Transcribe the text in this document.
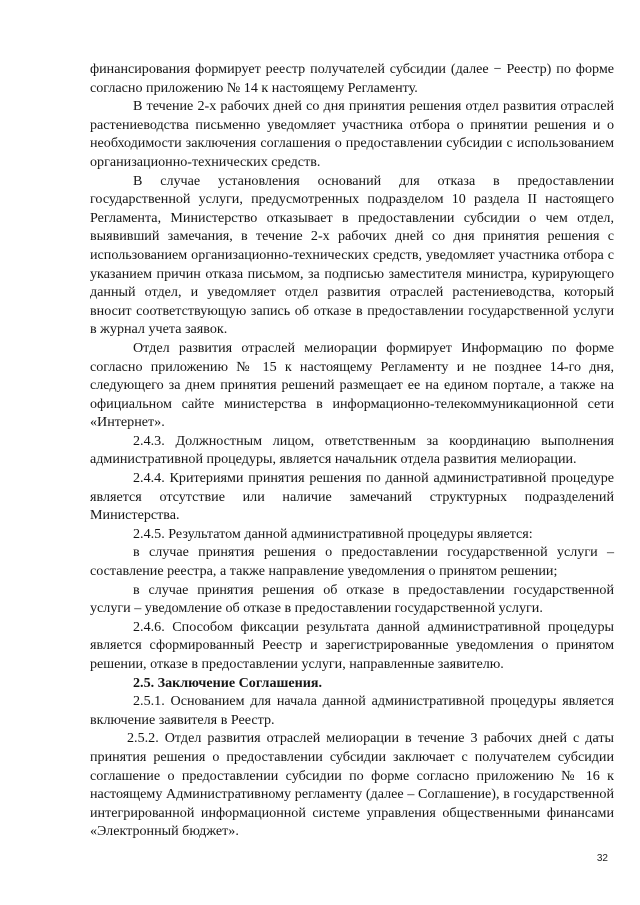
финансирования формирует реестр получателей субсидии (далее − Реестр) по форме согласно приложению № 14 к настоящему Регламенту.

В течение 2-х рабочих дней со дня принятия решения отдел развития отраслей растениеводства письменно уведомляет участника отбора о принятии решения и о необходимости заключения соглашения о предоставлении субсидии с использованием организационно-технических средств.

В случае установления оснований для отказа в предоставлении государственной услуги, предусмотренных подразделом 10 раздела II настоящего Регламента, Министерство отказывает в предоставлении субсидии о чем отдел, выявивший замечания, в течение 2-х рабочих дней со дня принятия решения с использованием организационно-технических средств, уведомляет участника отбора с указанием причин отказа письмом, за подписью заместителя министра, курирующего данный отдел, и уведомляет отдел развития отраслей растениеводства, который вносит соответствующую запись об отказе в предоставлении государственной услуги в журнал учета заявок.

Отдел развития отраслей мелиорации формирует Информацию по форме согласно приложению № 15 к настоящему Регламенту и не позднее 14-го дня, следующего за днем принятия решений размещает ее на едином портале, а также на официальном сайте министерства в информационно-телекоммуникационной сети «Интернет».

2.4.3. Должностным лицом, ответственным за координацию выполнения административной процедуры, является начальник отдела развития мелиорации.

2.4.4. Критериями принятия решения по данной административной процедуре является отсутствие или наличие замечаний структурных подразделений Министерства.

2.4.5. Результатом данной административной процедуры является:

в случае принятия решения о предоставлении государственной услуги – составление реестра, а также направление уведомления о принятом решении;

в случае принятия решения об отказе в предоставлении государственной услуги – уведомление об отказе в предоставлении государственной услуги.

2.4.6. Способом фиксации результата данной административной процедуры является сформированный Реестр и зарегистрированные уведомления о принятом решении, отказе в предоставлении услуги, направленные заявителю.

2.5. Заключение Соглашения.

2.5.1. Основанием для начала данной административной процедуры является включение заявителя в Реестр.

2.5.2. Отдел развития отраслей мелиорации в течение 3 рабочих дней с даты принятия решения о предоставлении субсидии заключает с получателем субсидии соглашение о предоставлении субсидии по форме согласно приложению № 16 к настоящему Административному регламенту (далее – Соглашение), в государственной интегрированной информационной системе управления общественными финансами «Электронный бюджет».

32
